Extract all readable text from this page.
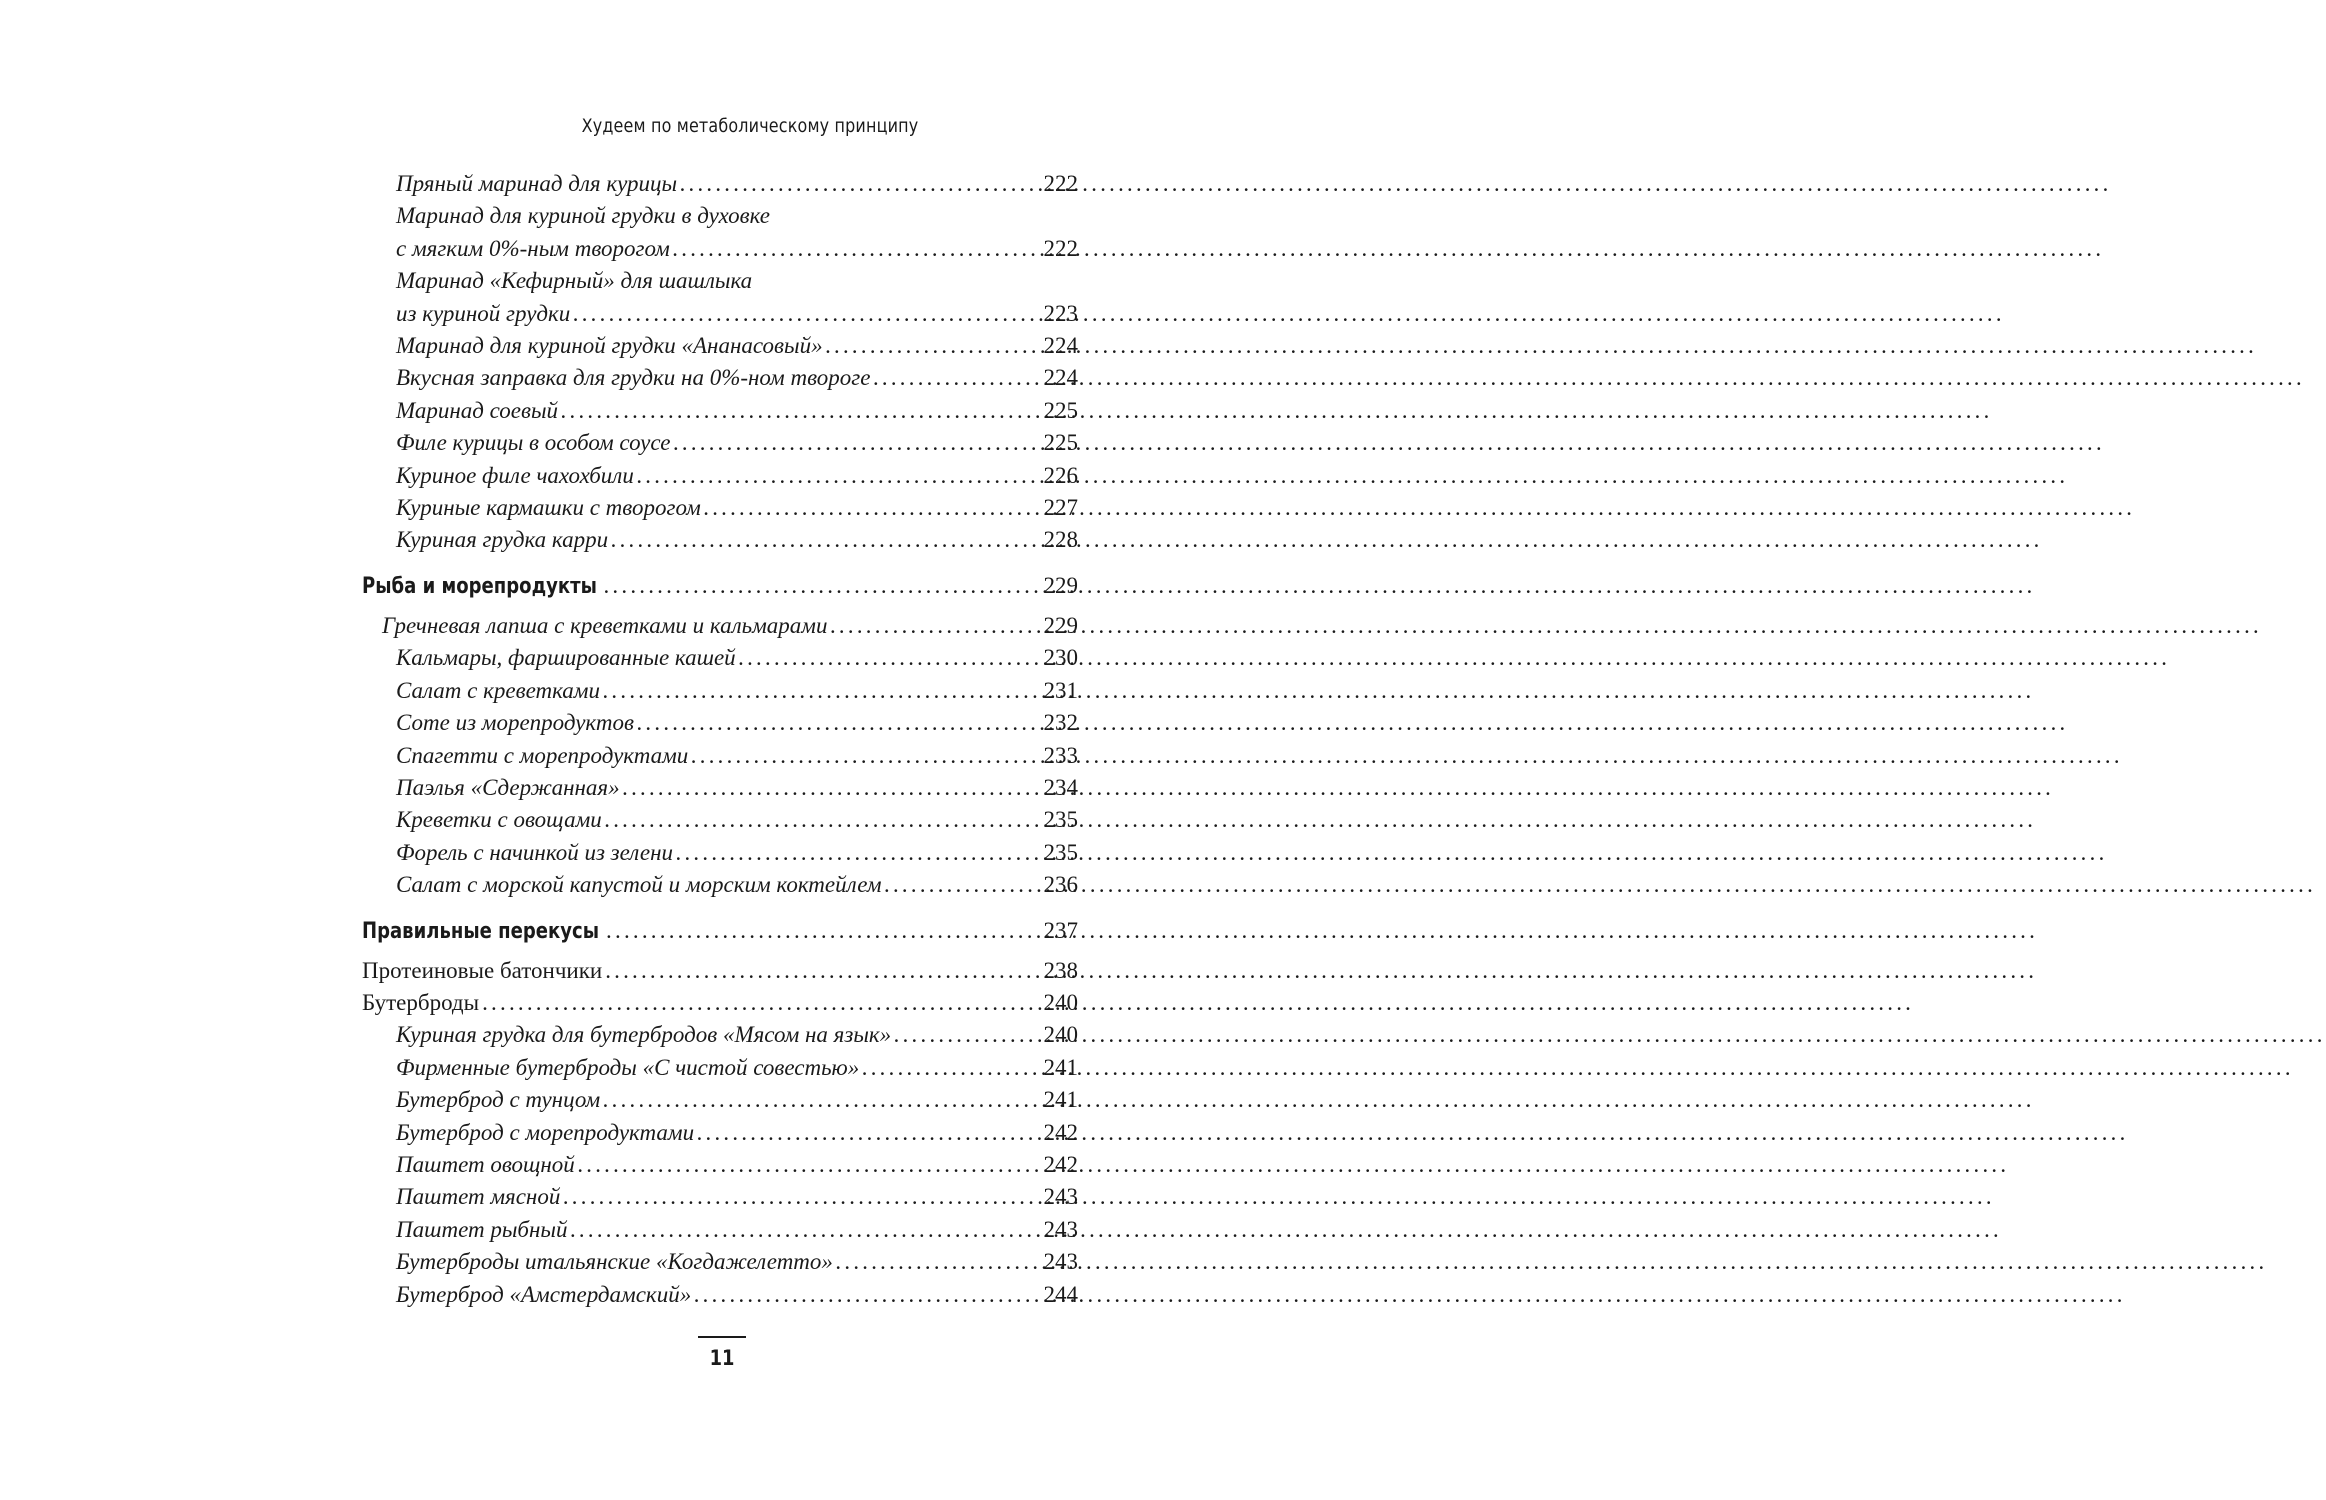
Худеем по метаболическому принципу
Пряный маринад для курицы .....	222
Маринад для куриной грудки в духовке
с мягким 0%-ным творогом .....	222
Маринад «Кефирный» для шашлыка
из куриной грудки .....	223
Маринад для куриной грудки «Ананасовый» .....	224
Вкусная заправка для грудки на 0%-ном твороге .....	224
Маринад соевый .....	225
Филе курицы в особом соусе .....	225
Куриное филе чахохбили .....	226
Куриные кармашки с творогом .....	227
Куриная грудка карри .....	228
Рыба и морепродукты .....	229
Гречневая лапша с креветками и кальмарами .....	229
Кальмары, фаршированные кашей .....	230
Салат с креветками .....	231
Соте из морепродуктов .....	232
Спагетти с морепродуктами .....	233
Паэлья «Сдержанная» .....	234
Креветки с овощами .....	235
Форель с начинкой из зелени .....	235
Салат с морской капустой и морским коктейлем .....	236
Правильные перекусы .....	237
Протеиновые батончики .....	238
Бутерброды .....	240
Куриная грудка для бутербродов «Мясом на язык» .....	240
Фирменные бутерброды «С чистой совестью» .....	241
Бутерброд с тунцом .....	241
Бутерброд с морепродуктами .....	242
Паштет овощной .....	242
Паштет мясной .....	243
Паштет рыбный .....	243
Бутерброды итальянские «Когдажелетто» .....	243
Бутерброд «Амстердамский» .....	244
11
